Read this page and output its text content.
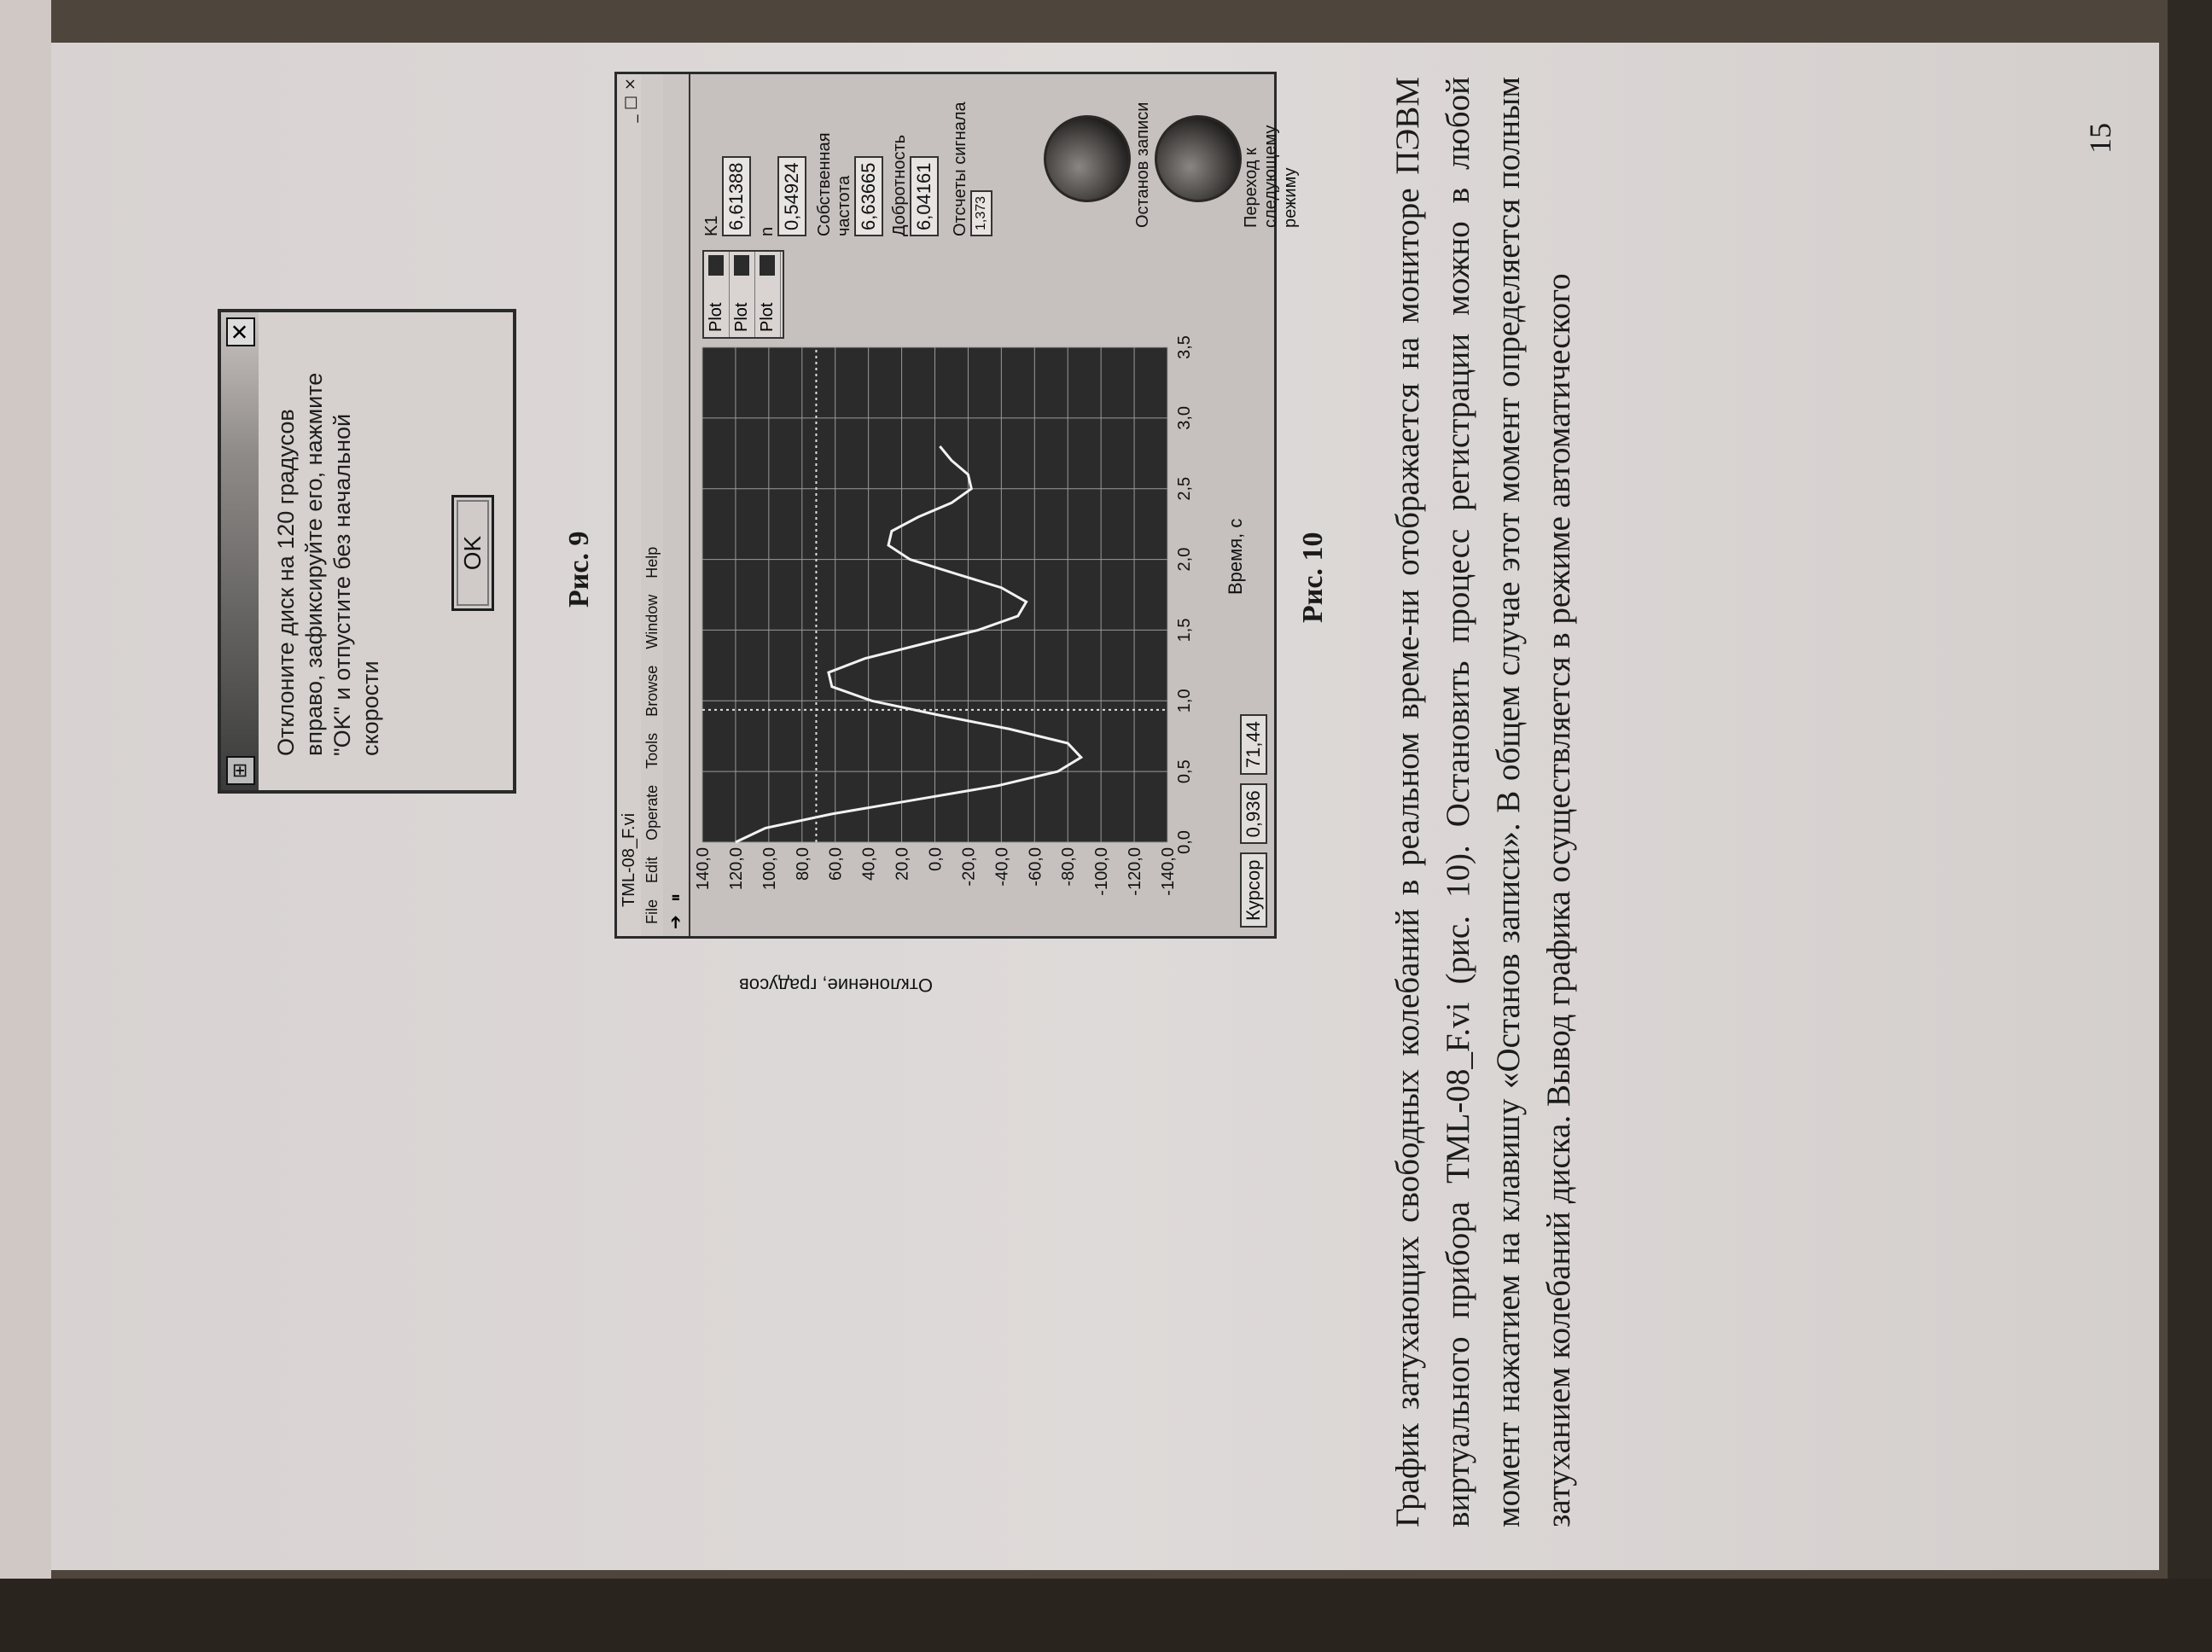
⊞
✕
Отклоните диск на 120 градусов вправо, зафиксируйте его, нажмите "OK" и отпустите без начальной скорости
OK	Рис. 9
TML-08_F.vi
_ □ ×
File Edit Operate Tools Browse Window Help
➔
⏸
Отклонение, градусов
0,0
0,5
1,0
1,5
2,0
2,5
3,0
3,5
140,0 120,0 100,0 80,0 60,0 40,0 20,0 0,0 -20,0 -40,0 -60,0 -80,0 -100,0 -120,0 -140,0
Plot Plot Plot
Время, с
Курсор 0,936 71,44
K1 6,61388
n
0,54924 Собственная частота 6,63665 Добротность 6,04161 Отсчеты сигнала 1,373	Останов записи	Переход к следующему режиму
Рис. 10 График затухающих свободных колебаний в реальном време-ни отображается на мониторе ПЭВМ виртуального прибора TML-08_F.vi (рис. 10). Остановить процесс регистрации можно в любой момент нажатием на клавишу «Останов записи». В общем случае этот момент определяется полным затуханием колебаний диска. Вывод графика осуществляется в режиме автоматического
15
